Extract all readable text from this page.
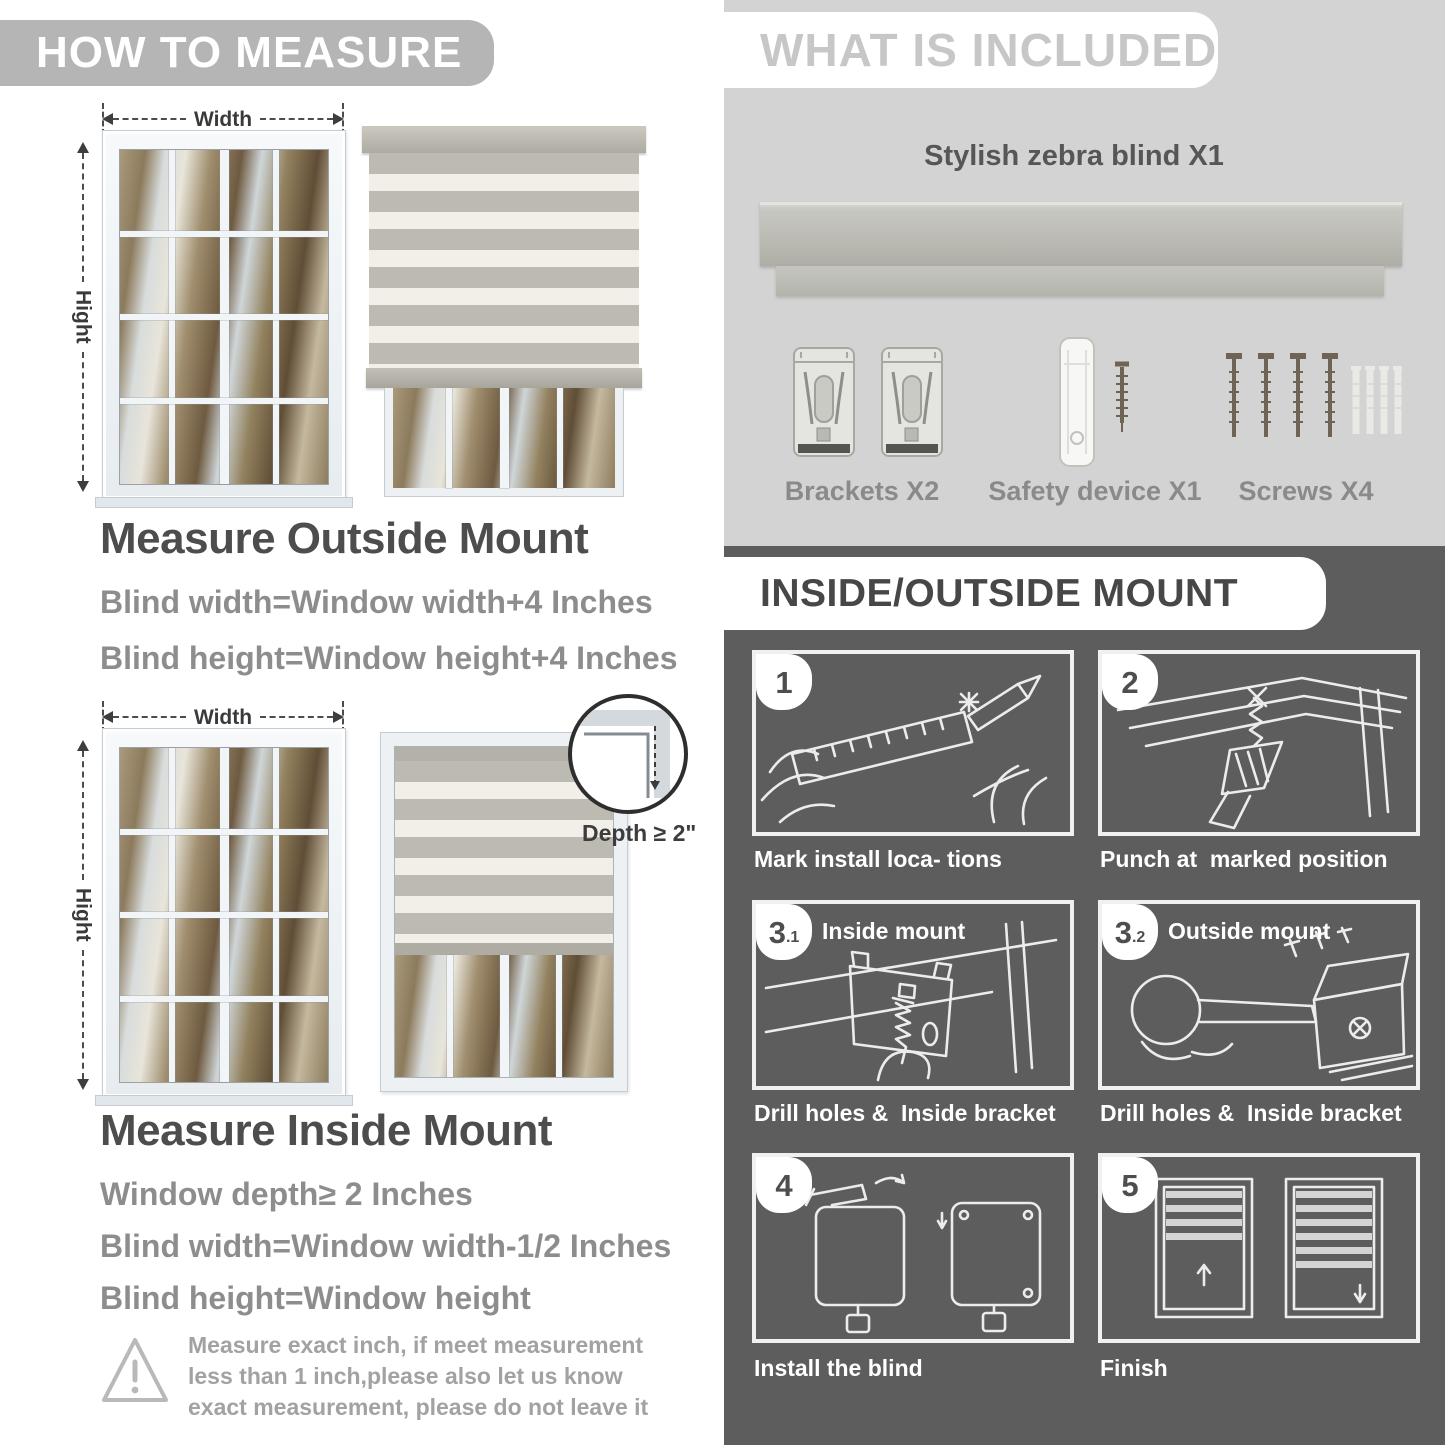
HOW TO MEASURE	WHAT IS INCLUDED
INSIDE/OUTSIDE MOUNT
Width
Hight
Measure Outside Mount
Blind width=Window width+4 Inches
Blind height=Window height+4 Inches
Width
Hight
Depth ≥ 2"
Measure Inside Mount
Window depth≥ 2 Inches
Blind width=Window width-1/2 Inches
Blind height=Window height
Measure exact inch, if meet measurement less than 1 inch,please also let us know exact measurement, please do not leave it
Stylish zebra blind X1
Brackets X2	Safety device X1	Screws X4
1
Mark install loca- tions
2
Punch at  marked position
3 .1 Inside mount
Drill holes &  Inside bracket
3 .2 Outside mount
Drill holes &  Inside bracket
4
Install the blind
5
Finish
